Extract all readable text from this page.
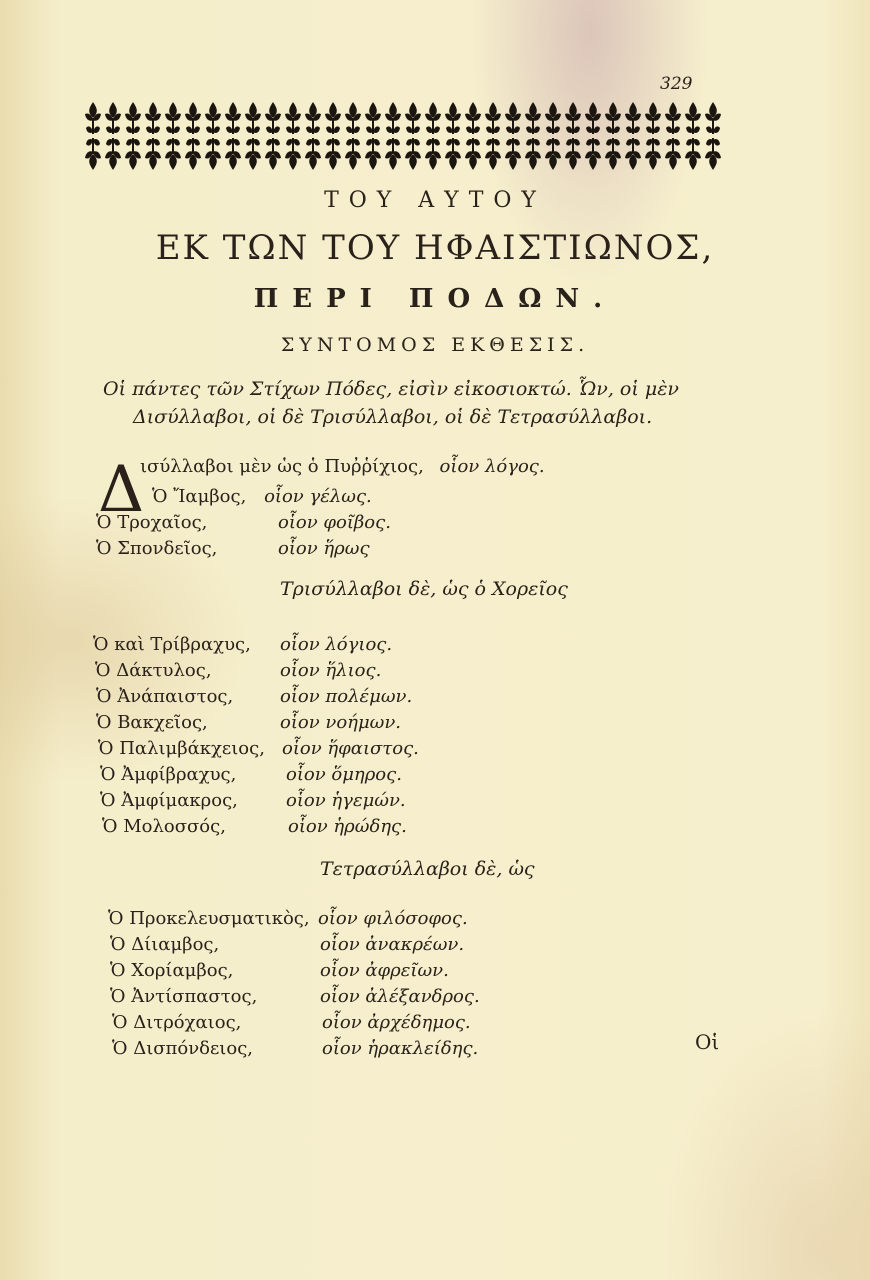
329
ΤΟΥ ΑΥΤΟΥ
ΕΚ ΤΩΝ ΤΟΥ ΗΦΑΙΣΤΙΩΝΟΣ,
ΠΕΡΙ ΠΟΔΩΝ.
ΣΥΝΤΟΜΟΣ ΕΚΘΕΣΙΣ.
Οἱ πάντες τῶν Στίχων Πόδες, εἰσὶν εἰκοσιοκτώ. Ὧν, οἱ μὲν
Δισύλλαβοι, οἱ δὲ Τρισύλλαβοι, οἱ δὲ Τετρασύλλαβοι.
Δ
ισύλλαβοι μὲν ὡς ὁ Πυῤῥίχιος, οἷον λόγος.
Ὁ Ἴαμβος, οἷον γέλως.
Ὁ Τροχαῖος,	οἷον φοῖβος.
Ὁ Σπονδεῖος,	οἷον ἥρως
Τρισύλλαβοι δὲ, ὡς ὁ Χορεῖος
Ὁ καὶ Τρίβραχυς, οἷον λόγιος.
Ὁ Δάκτυλος,	οἷον ἥλιος.
Ὁ Ἀνάπαιστος,	οἷον πολέμων.
Ὁ Βακχεῖος,	οἷον νοήμων.
Ὁ Παλιμβάκχειος, οἷον ἥφαιστος.
Ὁ Ἀμφίβραχυς,	οἷον ὅμηρος.
Ὁ Ἀμφίμακρος,	οἷον ἡγεμών.
Ὁ Μολοσσός,	οἷον ἡρώδης.
Τετρασύλλαβοι δὲ, ὡς
Ὁ Προκελευσματικὸς, οἷον φιλόσοφος.
Ὁ Δίιαμβος,	οἷον ἀνακρέων.
Ὁ Χορίαμβος,	οἷον ἀφρεῖων.
Ὁ Ἀντίσπαστος,	οἷον ἀλέξανδρος.
Ὁ Διτρόχαιος,	οἷον ἀρχέδημος.
Ὁ Δισπόνδειος,	οἷον ἡρακλείδης.	Οἱ
